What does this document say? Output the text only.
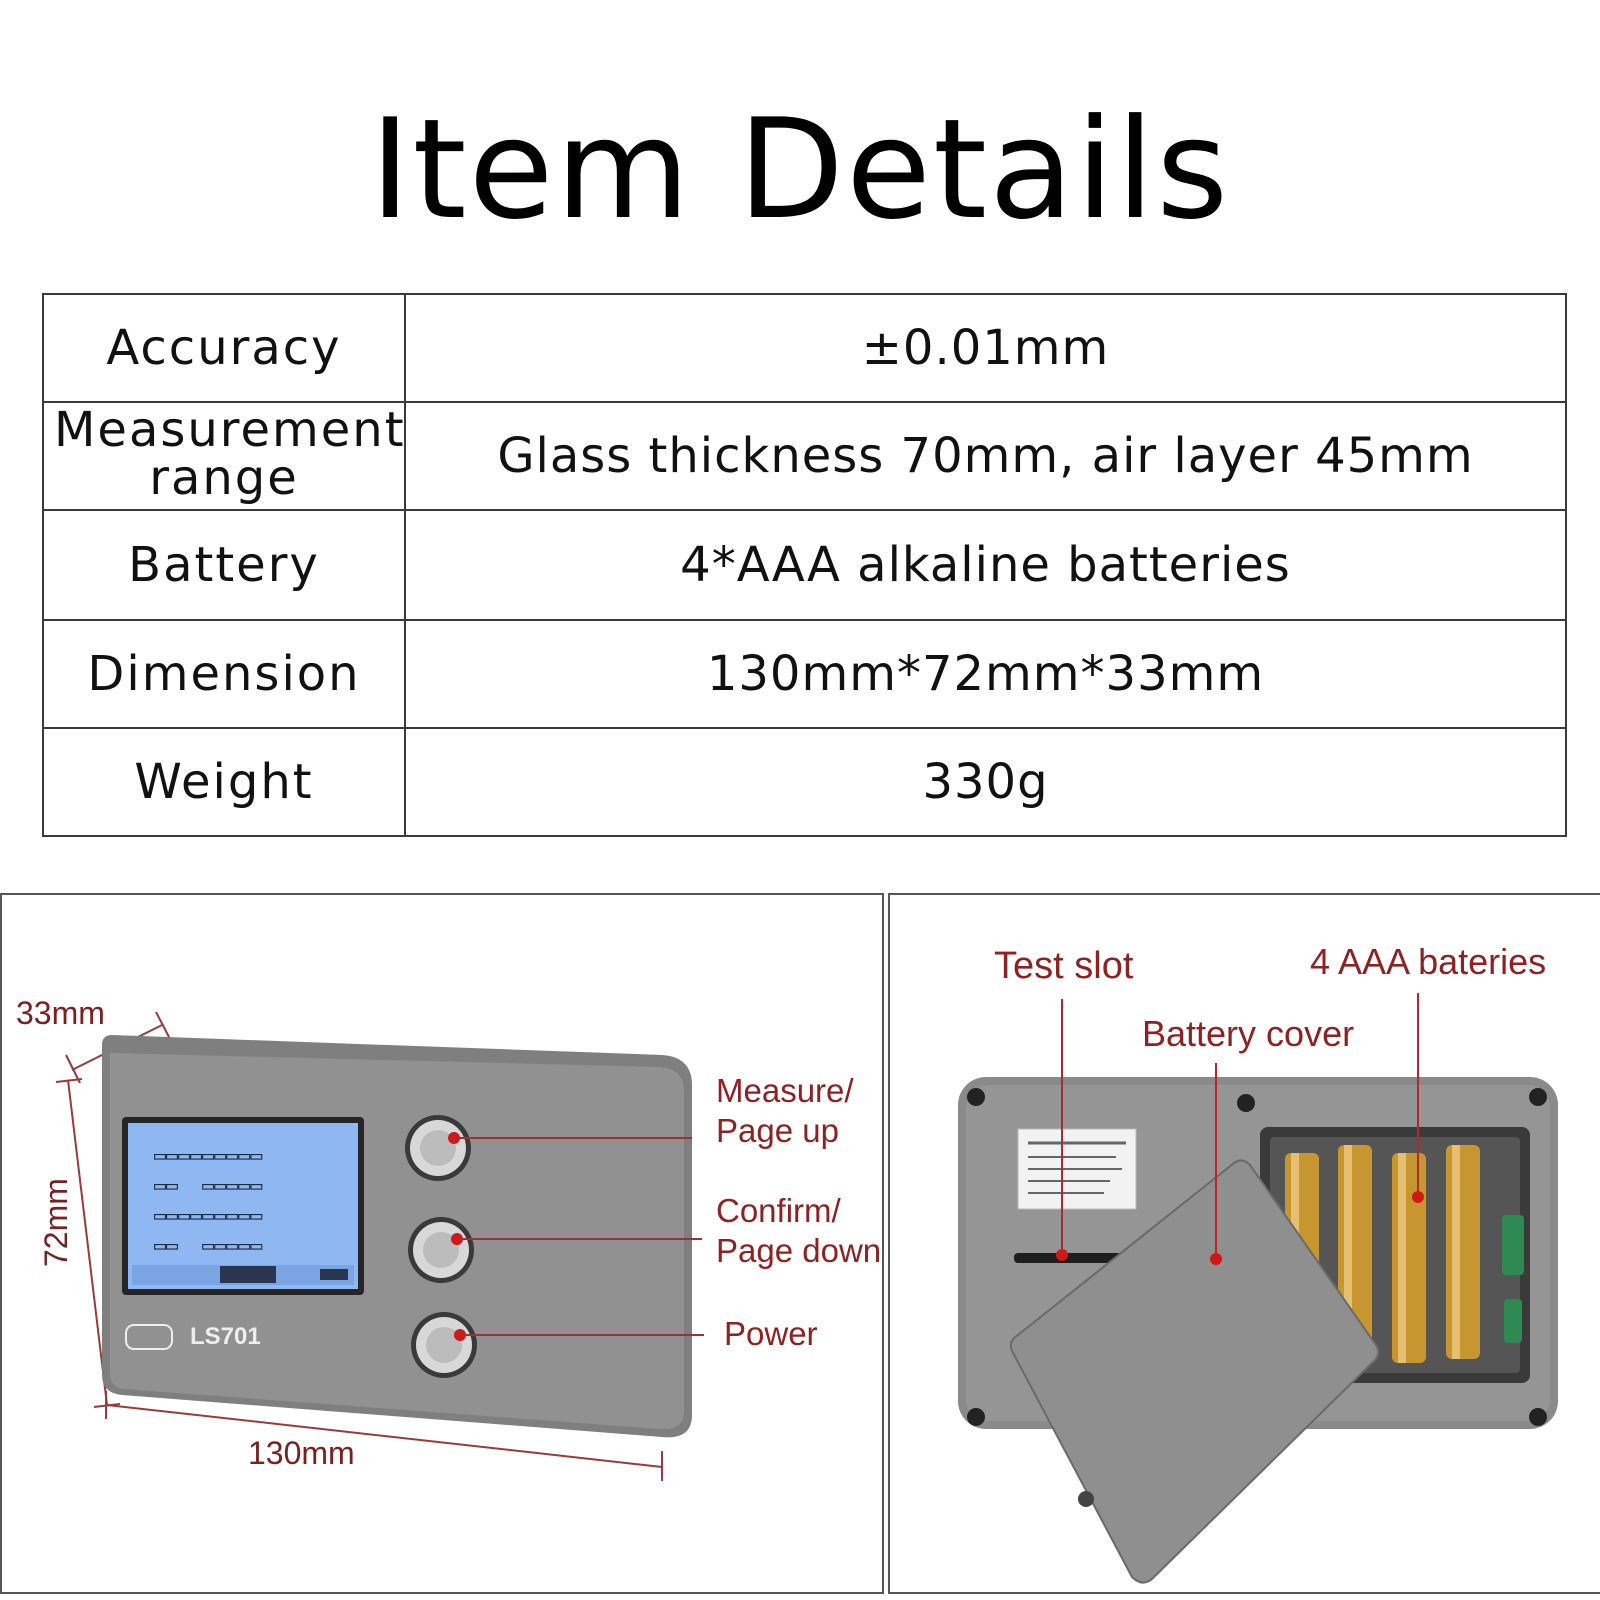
Item Details
Accuracy	±0.01mm
Measurement range	Glass thickness 70mm, air layer 45mm
Battery	4*AAA alkaline batteries
Dimension	130mm*72mm*33mm
Weight	330g
▭▭▭▭▭▭▭▭▭
▭▭  ▭▭▭▭▭
▭▭▭▭▭▭▭▭▭
▭▭  ▭▭▭▭▭
LS701
33mm
72mm
130mm
Measure/
Page up
Confirm/
Page down
Power
Test slot	4 AAA bateries
Battery cover
